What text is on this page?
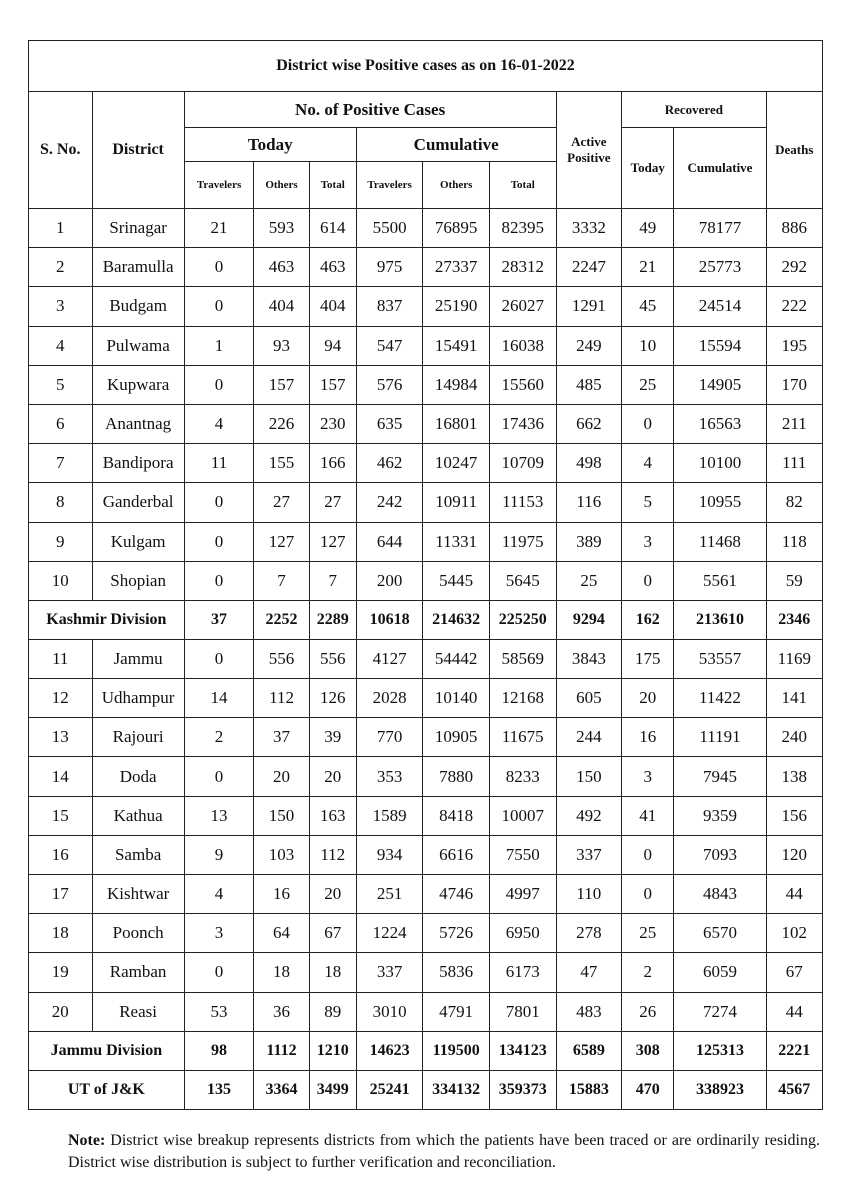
District wise Positive cases as on 16-01-2022											
S. No.	District	No. of Positive Cases						Active Positive	Recovered		Deaths
		Today			Cumulative				Today	Cumulative	
		Travelers	Others	Total	Travelers	Others	Total				
1	Srinagar	21	593	614	5500	76895	82395	3332	49	78177	886
2	Baramulla	0	463	463	975	27337	28312	2247	21	25773	292
3	Budgam	0	404	404	837	25190	26027	1291	45	24514	222
4	Pulwama	1	93	94	547	15491	16038	249	10	15594	195
5	Kupwara	0	157	157	576	14984	15560	485	25	14905	170
6	Anantnag	4	226	230	635	16801	17436	662	0	16563	211
7	Bandipora	11	155	166	462	10247	10709	498	4	10100	111
8	Ganderbal	0	27	27	242	10911	11153	116	5	10955	82
9	Kulgam	0	127	127	644	11331	11975	389	3	11468	118
10	Shopian	0	7	7	200	5445	5645	25	0	5561	59
Kashmir Division		37	2252	2289	10618	214632	225250	9294	162	213610	2346
11	Jammu	0	556	556	4127	54442	58569	3843	175	53557	1169
12	Udhampur	14	112	126	2028	10140	12168	605	20	11422	141
13	Rajouri	2	37	39	770	10905	11675	244	16	11191	240
14	Doda	0	20	20	353	7880	8233	150	3	7945	138
15	Kathua	13	150	163	1589	8418	10007	492	41	9359	156
16	Samba	9	103	112	934	6616	7550	337	0	7093	120
17	Kishtwar	4	16	20	251	4746	4997	110	0	4843	44
18	Poonch	3	64	67	1224	5726	6950	278	25	6570	102
19	Ramban	0	18	18	337	5836	6173	47	2	6059	67
20	Reasi	53	36	89	3010	4791	7801	483	26	7274	44
Jammu Division		98	1112	1210	14623	119500	134123	6589	308	125313	2221
UT of J&K		135	3364	3499	25241	334132	359373	15883	470	338923	4567
Note: District wise breakup represents districts from which the patients have been traced or are ordinarily residing. District wise distribution is subject to further verification and reconciliation.
